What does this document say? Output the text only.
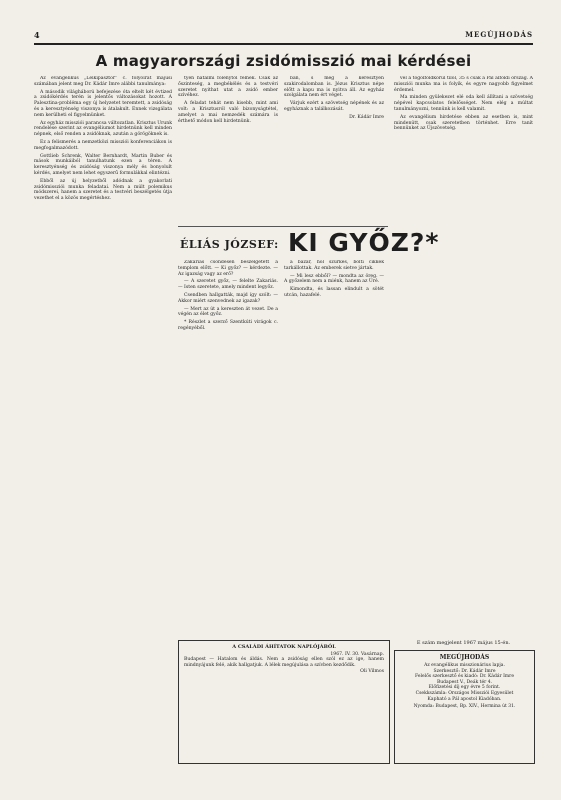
4	MEGÚJHODÁS
A magyarországi zsidómisszió mai kérdései

Az evangélikus „Lelkipásztor” c. folyóirat májusi számában jelent meg Dr. Kádár Imre alábbi tanulmánya:

A második világháború befejezése óta eltelt két évtized a zsidókérdés terén is jelentős változásokat hozott. A Palesztina-probléma egy új helyzetet teremtett, a zsidóság és a keresztyénség viszonya is átalakult. Ennek vizsgálata nem kerülheti el figyelmünket.

Az egyház missziói parancsa változatlan. Krisztus Urunk rendelése szerint az evangéliumot hirdetnünk kell minden népnek, első renden a zsidóknak, azután a görögöknek is.

Ez a felismerés a nemzetközi missziói konferenciákon is megfogalmazódott.

Gottlieb Schrenk, Walter Bernhardt, Martin Buber és mások munkáiból tanulhatunk ezen a téren. A keresztyénség és zsidóság viszonya mély és bonyolult kérdés, amelyet nem lehet egyszerű formulákkal elintézni.

Ebből az új helyzetből adódnak a gyakorlati zsidómissziói munka feladatai. Nem a múlt polemikus módszerei, hanem a szeretet és a testvéri beszélgetés útja vezethet el a közös megértéshez.

tyén hatalmi fölénytől félnek. Csak az őszinteség, a megbékélés és a testvéri szeretet nyithat utat a zsidó ember szívéhez.

A feladat tehát nem kisebb, mint ami volt: a Krisztusról való bizonyságtétel, amelyet a mai nemzedék számára is érthető módon kell hirdetnünk.

ban, s még a keresztyén szakirodalomban is. Jézus Krisztus népe előtt a kapu ma is nyitva áll. Az egyház szolgálata nem ért véget.

Várjuk ezért a szövetség népének és az egyháznak a találkozását.

Dr. Kádár Imre

vel a togolfoldkorul tilol, 35 s csak a Pál alföldi ország. A missziói munka ma is folyik, és egyre nagyobb figyelmet érdemel.

Ma minden gyülekezet elé oda kell állítani a szövetség népével kapcsolatos felelősséget. Nem elég a múltat tanulmányozni, tennünk is kell valamit.

Az evangélium hirdetése ebben az esetben is, mint mindenütt, csak szeretetben történhet. Erre tanít bennünket az Újszövetség.

ÉLIÁS JÓZSEF: KI GYŐZ?*

Zakariás csöndesen beszélgetett a templom előtt. — Ki győz? — kérdezte. — Az igazság vagy az erő?

— A szeretet győz, — felelte Zakariás. — Isten szeretete, amely mindent legyőz.

Csendben hallgatták, majd így szólt: — Akkor miért szenvednek az igazak?

— Mert az út a kereszten át vezet. De a végén az élet győz.

* Részlet a szerző Szentkúti virágok c. regényéből.

a bazár, hol szürkés, bolti cikkek tarkállottak. Az emberek sietve jártak.

— Mi lesz ebből? — mondta az öreg. — A győzelem nem a miénk, hanem az Úré.

Kimondta, és lassan elindult a sötét utcán, hazafelé.

A CSALÁDI ÁHÍTATOK NAPLÓJÁBÓL
1967. IV. 30. Vasárnap.
Budapest — Hatalom és áldás. Nem a zsidóság ellen szól ez az ige, hanem mindnyájunk felé, akik hallgatjuk. A lélek megújulása a szívben kezdődik.
Oli Vilmos
E szám megjelent 1967 május 15-én.
MEGÚJHODÁS
Az evangélikus misszionárius lapja.
Szerkesztő: Dr. Kádár Imre
Felelős szerkesztő és kiadó: Dr. Kádár Imre
Budapest V., Deák tér 4.
Előfizetési díj egy évre 5 forint.
Csekkszámla: Országos Missziói Egyesület
Kapható a Pál apostol Kiadóban.
Nyomda: Budapest, Bp. XIV., Hermina út 31.
